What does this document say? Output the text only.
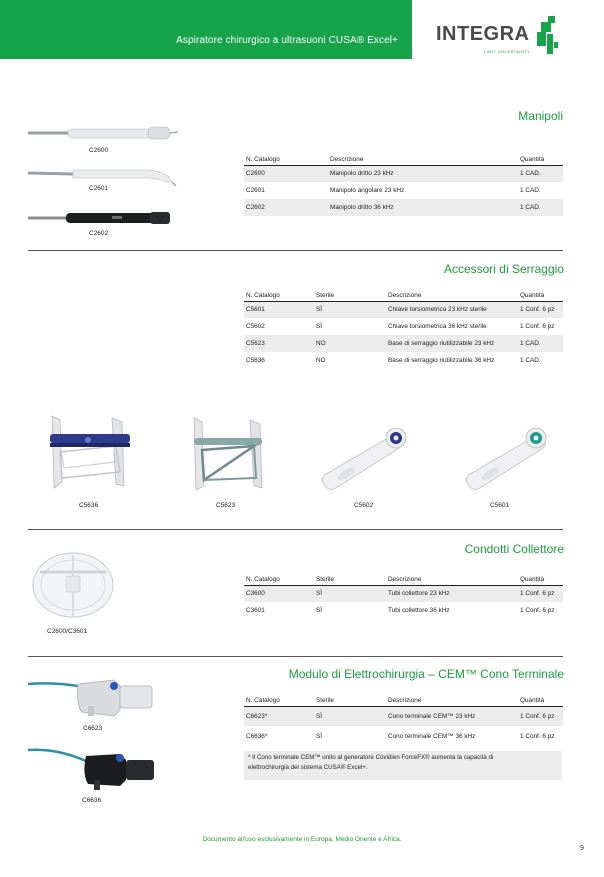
Aspiratore chirurgico a ultrasuoni CUSA® Excel+ INTEGRA
LIMIT UNCERTAINTY
Manipoli
C2600
C2601
C2602
N. Catalogo	Descrizione	Quantità
C2600	Manipolo dritto 23 kHz	1 CAD.
C2601	Manipolo angolare 23 kHz	1 CAD.
C2602	Manipolo dritto 36 kHz	1 CAD.
Accessori di Serraggio
N. Catalogo	Sterile	Descrizione	Quantità
C5601	SÌ	Chiave torsiometrica 23 kHz sterile	1 Conf. 6 pz
C5602	SÌ	Chiave torsiometrica 36 kHz sterile	1 Conf. 6 pz
C5623	NO	Base di serraggio riutilizzabile 23 kHz	1 CAD.
C5636	NO	Base di serraggio riutilizzabile 36 kHz	1 CAD.
C5636	C5623	C5602	C5601
Condotti Collettore
C2600/C3601
N. Catalogo	Sterile	Descrizione	Quantità
C3600	SÌ	Tubi collettore 23 kHz	1 Conf. 6 pz
C3601	SÌ	Tubi collettore 36 kHz	1 Conf. 6 pz
Modulo di Elettrochirurgia – CEM™ Cono Terminale
C6623
C6636
N. Catalogo	Sterile	Descrizione	Quantità
C6623*	SÌ	Cono terminale CEM™ 23 kHz	1 Conf. 6 pz
C6636*	SÌ	Cono terminale CEM™ 36 kHz	1 Conf. 6 pz
* Il Cono terminale CEM™ unito al generatore Covidien ForceFX® aumenta la capacità di
elettrochirurgia del sistema CUSA® Excel+.
Documento all'uso esclusivamente in Europa, Medio Oriente e Africa.
9
